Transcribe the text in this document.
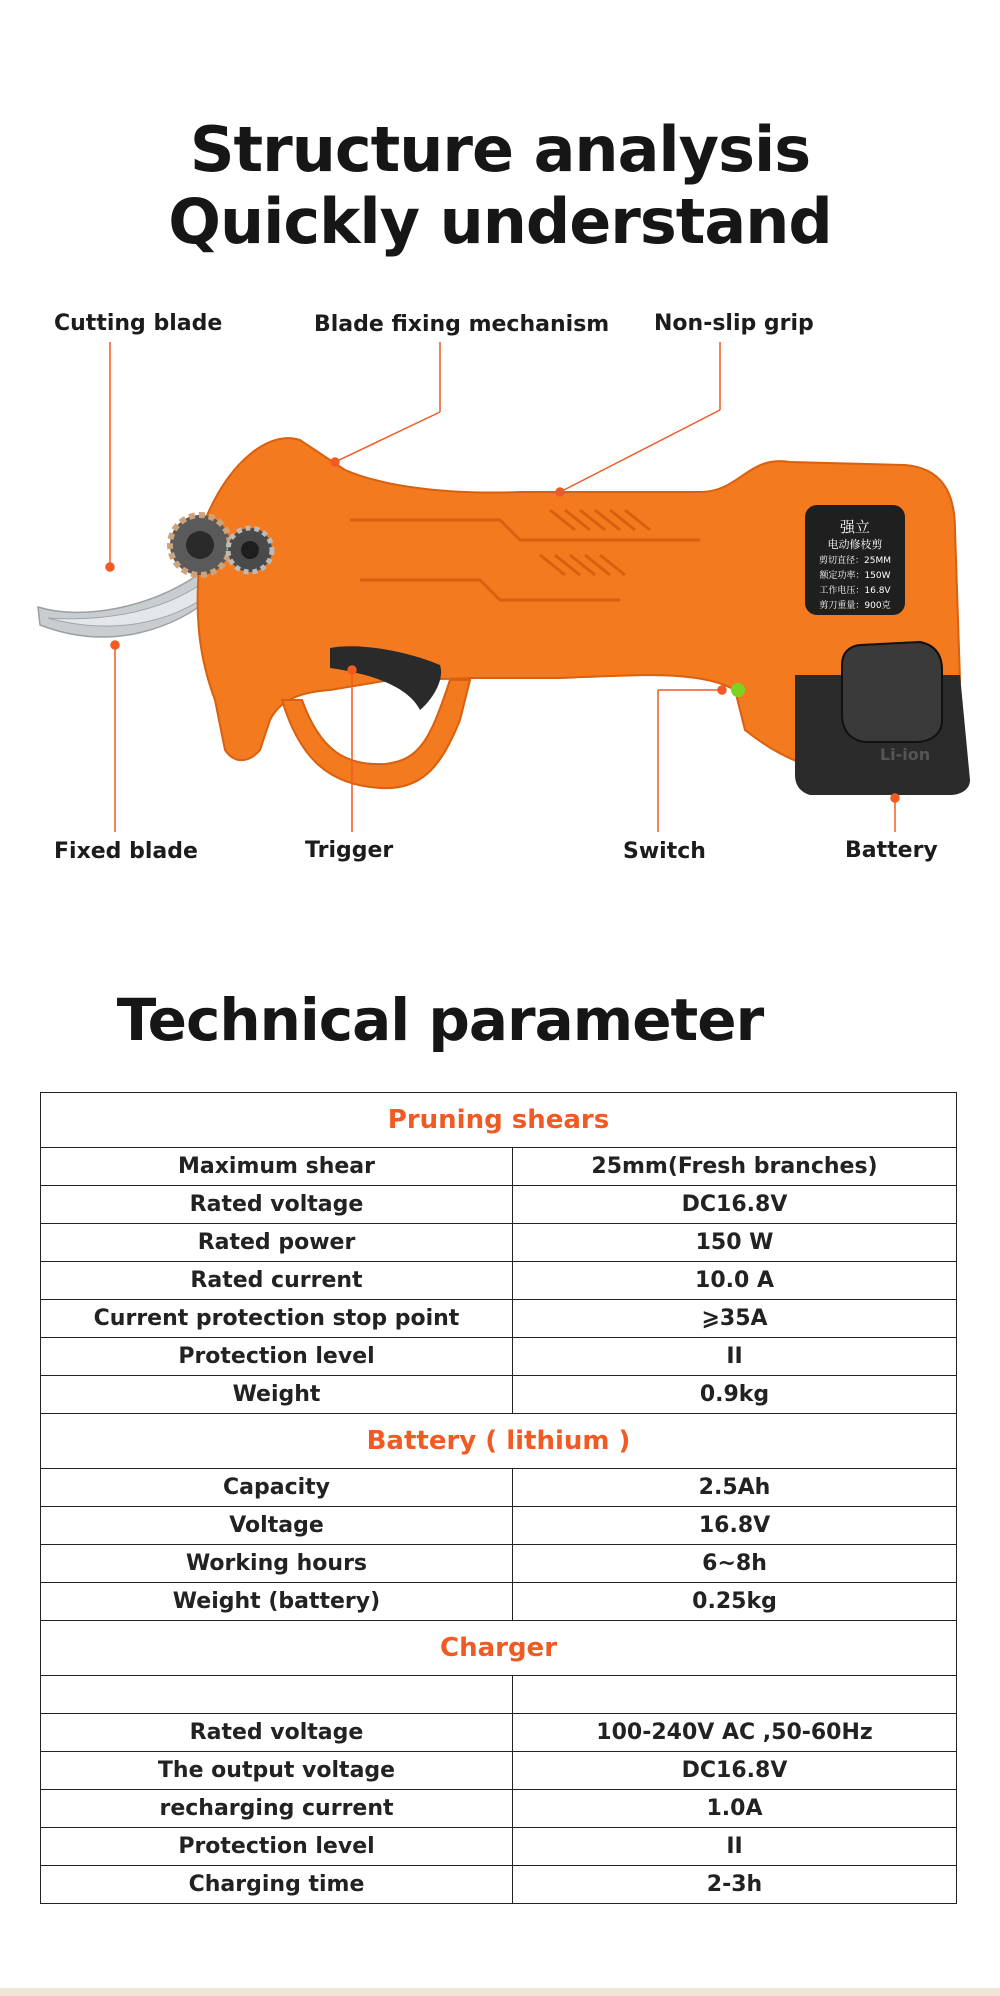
Structure analysis
Quickly understand
强立
电动修枝剪
剪切直径：25MM
额定功率：150W
工作电压：16.8V
剪刀重量：900克
Li-ion
Cutting blade	Blade fixing mechanism Non-slip grip
Fixed blade	Trigger	Switch	Battery
Technical parameter
Pruning shears	
Maximum shear	25mm(Fresh branches)
Rated voltage	DC16.8V
Rated power	150 W
Rated current	10.0 A
Current protection stop point	⩾35A
Protection level	II
Weight	0.9kg
Battery ( lithium )	
Capacity	2.5Ah
Voltage	16.8V
Working hours	6~8h
Weight (battery)	0.25kg
Charger	

Rated voltage	100-240V AC ,50-60Hz
The output voltage	DC16.8V
recharging current	1.0A
Protection level	II
Charging time	2-3h
